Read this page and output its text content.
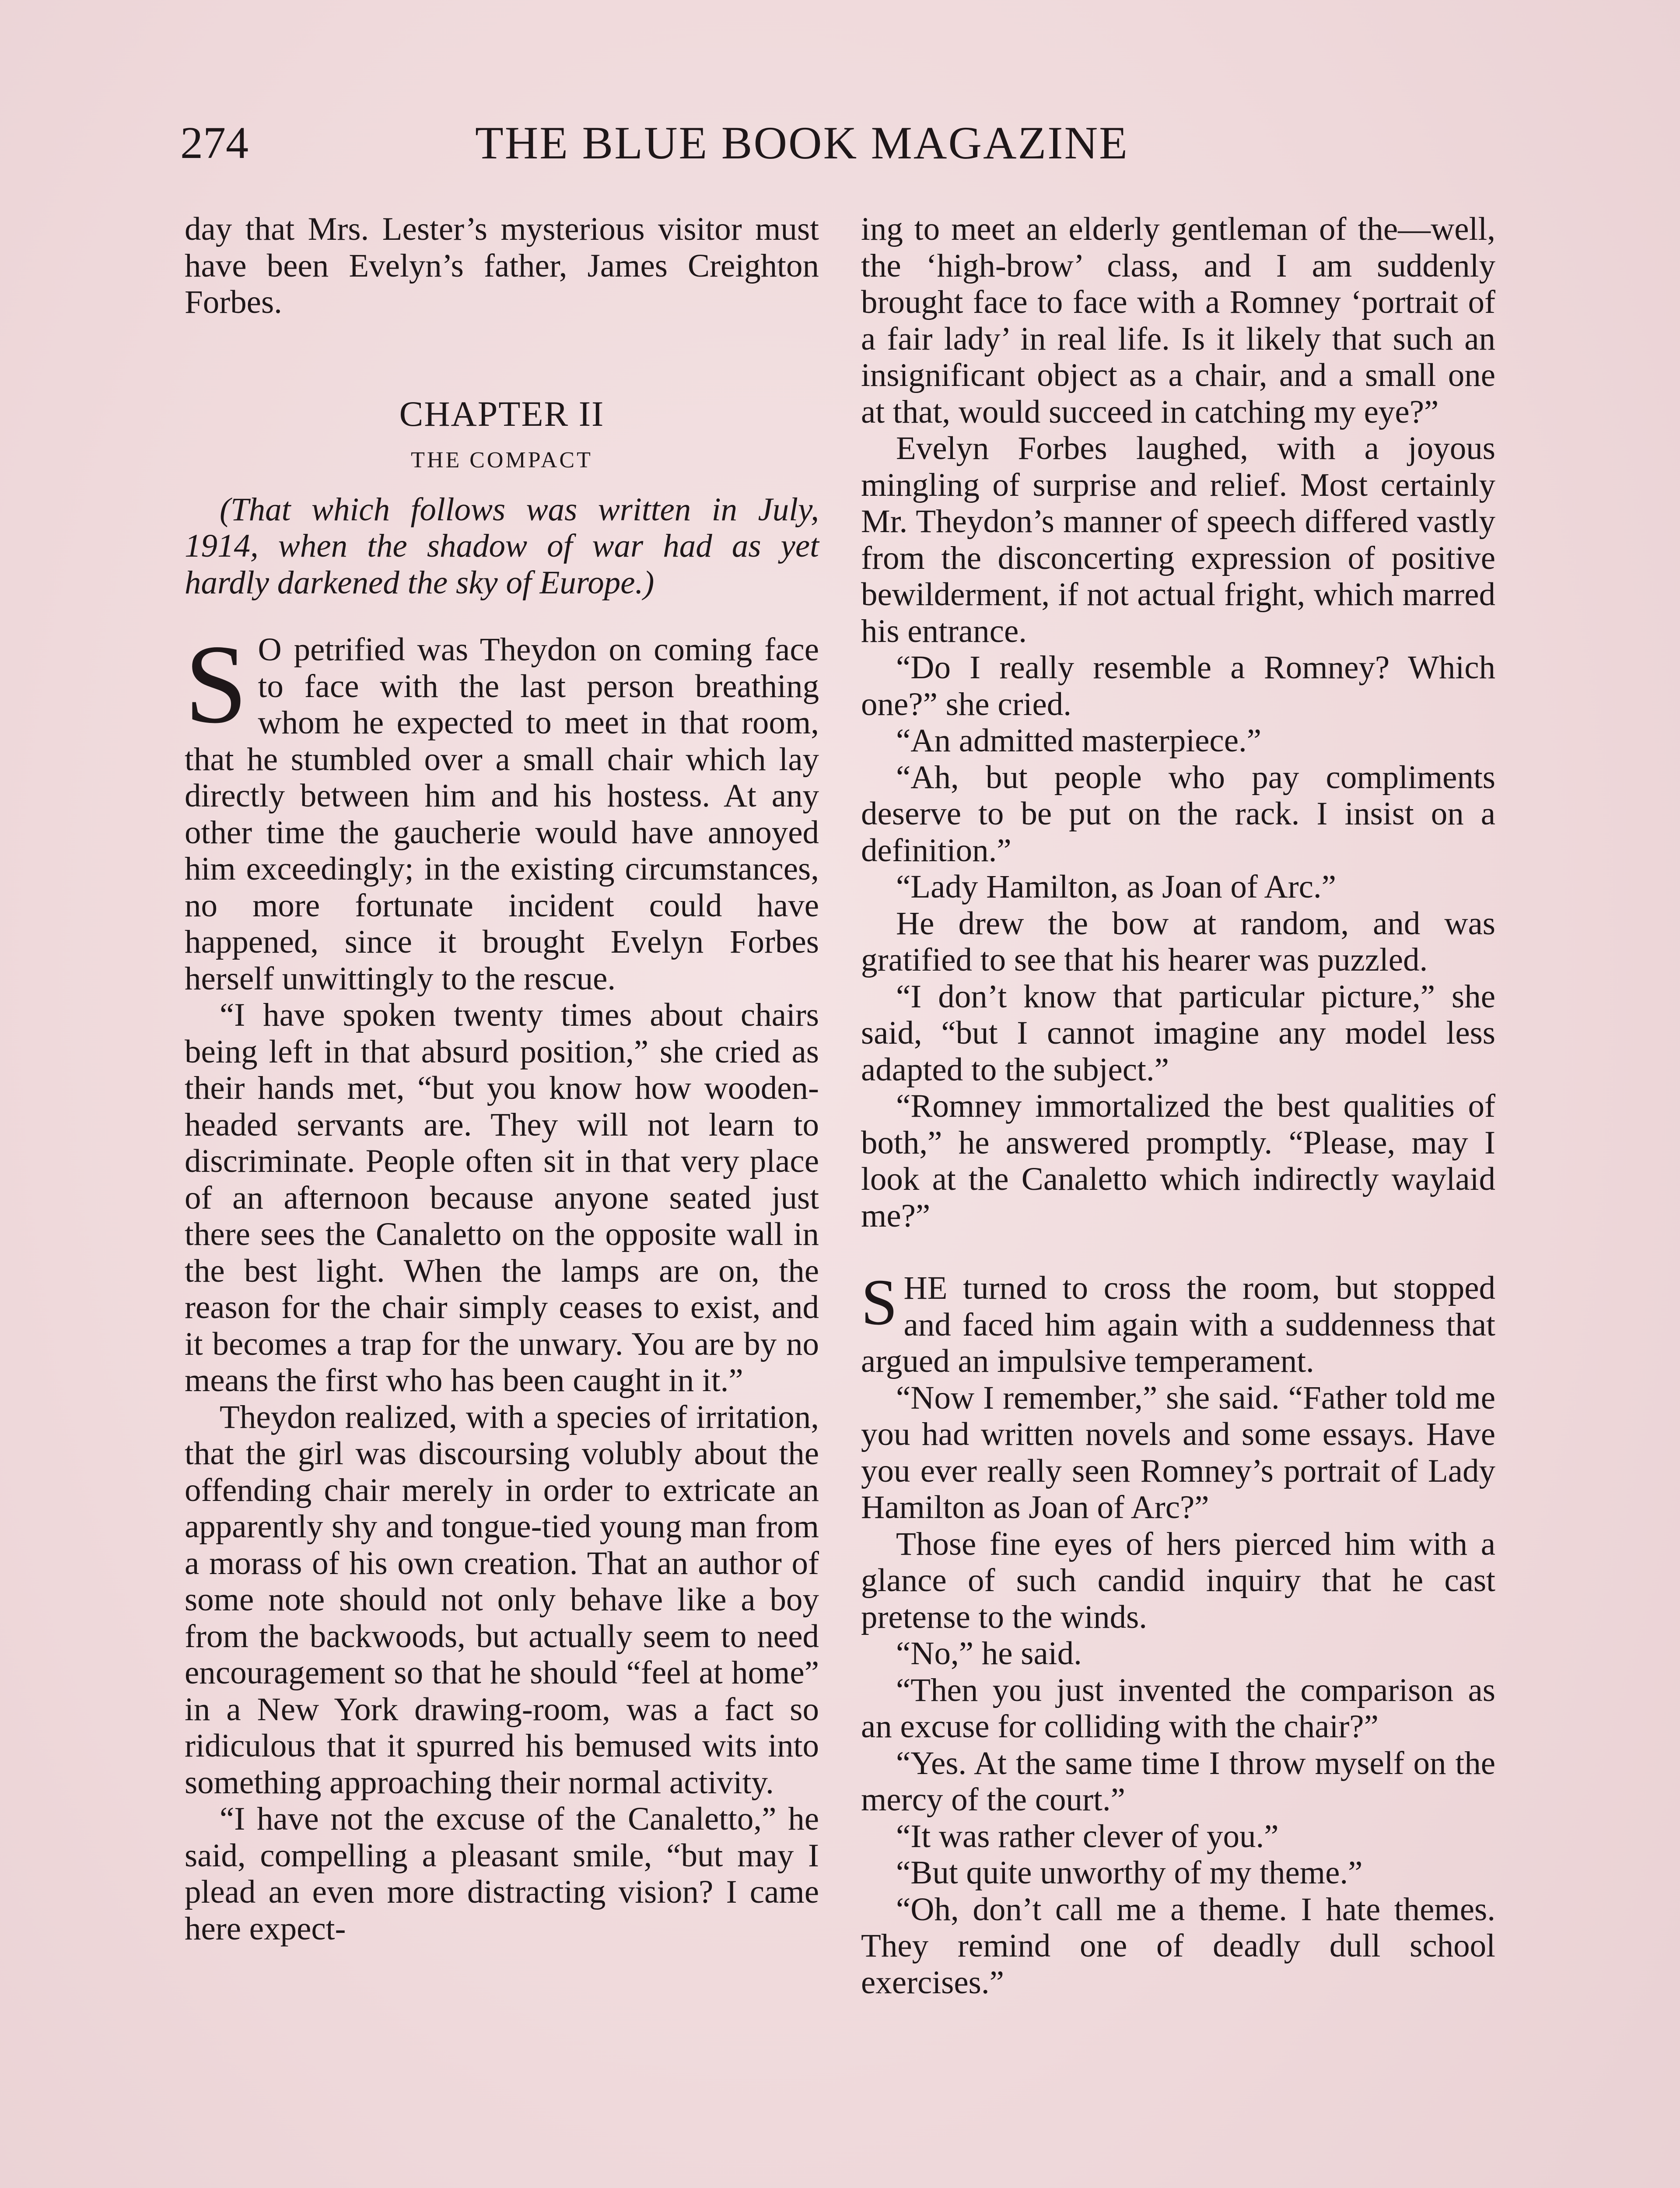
274	THE BLUE BOOK MAGAZINE

day that Mrs. Lester’s mysterious visitor must have been Evelyn’s father, James Creighton Forbes.

CHAPTER II
THE COMPACT

(That which follows was written in July, 1914, when the shadow of war had as yet hardly darkened the sky of Europe.)

S O petrified was Theydon on coming face to face with the last person breathing whom he expected to meet in that room, that he stumbled over a small chair which lay directly between him and his hostess. At any other time the gaucherie would have annoyed him exceedingly; in the existing circumstances, no more fortunate incident could have happened, since it brought Evelyn Forbes herself unwittingly to the rescue.

“I have spoken twenty times about chairs being left in that absurd position,” she cried as their hands met, “but you know how wooden-headed servants are. They will not learn to discriminate. People often sit in that very place of an afternoon because anyone seated just there sees the Canaletto on the opposite wall in the best light. When the lamps are on, the reason for the chair simply ceases to exist, and it becomes a trap for the unwary. You are by no means the first who has been caught in it.”

Theydon realized, with a species of irritation, that the girl was discoursing volubly about the offending chair merely in order to extricate an apparently shy and tongue-tied young man from a morass of his own creation. That an author of some note should not only behave like a boy from the backwoods, but actually seem to need encouragement so that he should “feel at home” in a New York drawing-room, was a fact so ridiculous that it spurred his bemused wits into something approaching their normal activity.

“I have not the excuse of the Canaletto,” he said, compelling a pleasant smile, “but may I plead an even more distracting vision? I came here expect-

ing to meet an elderly gentleman of the—well, the ‘high-brow’ class, and I am suddenly brought face to face with a Romney ‘portrait of a fair lady’ in real life. Is it likely that such an insignificant object as a chair, and a small one at that, would succeed in catching my eye?”

Evelyn Forbes laughed, with a joyous mingling of surprise and relief. Most certainly Mr. Theydon’s manner of speech differed vastly from the disconcerting expression of positive bewilderment, if not actual fright, which marred his entrance.

“Do I really resemble a Romney? Which one?” she cried.

“An admitted masterpiece.”

“Ah, but people who pay compliments deserve to be put on the rack. I insist on a definition.”

“Lady Hamilton, as Joan of Arc.”

He drew the bow at random, and was gratified to see that his hearer was puzzled.

“I don’t know that particular picture,” she said, “but I cannot imagine any model less adapted to the subject.”

“Romney immortalized the best qualities of both,” he answered promptly. “Please, may I look at the Canaletto which indirectly waylaid me?”

SHE turned to cross the room, but stopped and faced him again with a suddenness that argued an impulsive temperament.

“Now I remember,” she said. “Father told me you had written novels and some essays. Have you ever really seen Romney’s portrait of Lady Hamilton as Joan of Arc?”

Those fine eyes of hers pierced him with a glance of such candid inquiry that he cast pretense to the winds.

“No,” he said.

“Then you just invented the comparison as an excuse for colliding with the chair?”

“Yes. At the same time I throw myself on the mercy of the court.”

“It was rather clever of you.”

“But quite unworthy of my theme.”

“Oh, don’t call me a theme. I hate themes. They remind one of deadly dull school exercises.”
